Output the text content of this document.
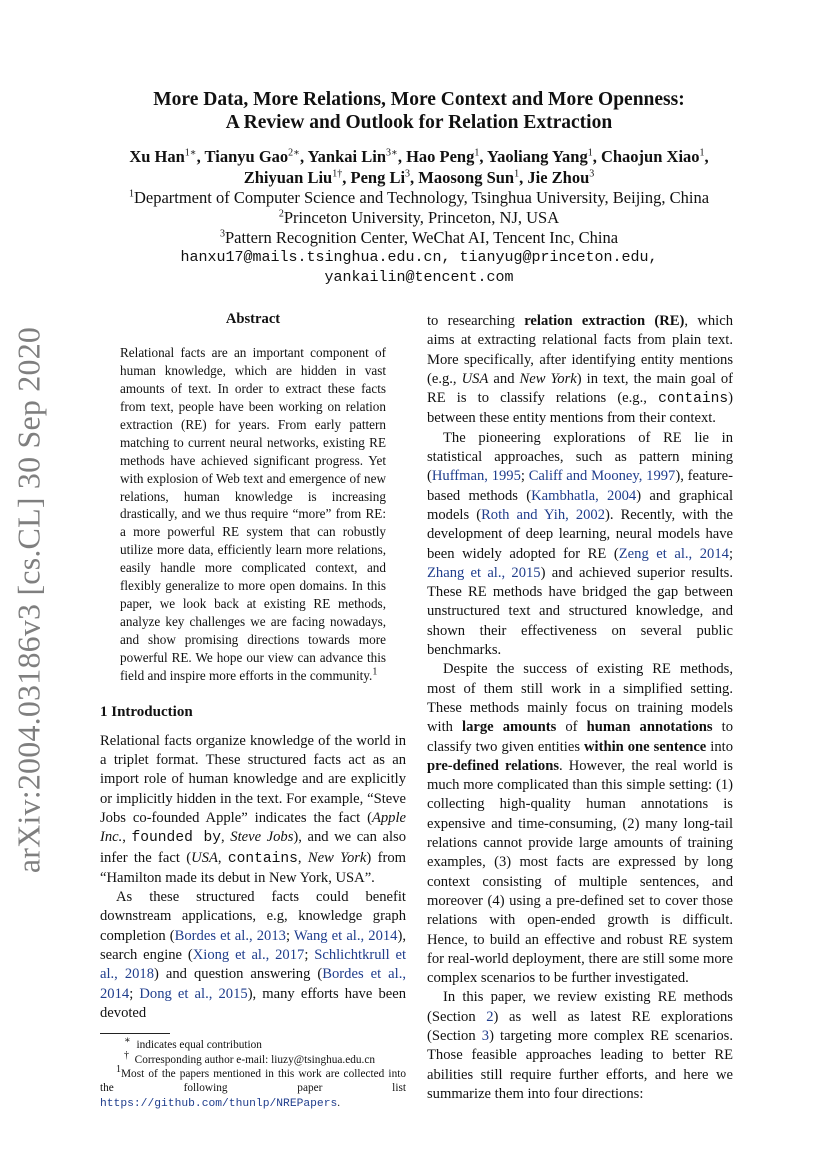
arXiv:2004.03186v3 [cs.CL] 30 Sep 2020
More Data, More Relations, More Context and More Openness:
A Review and Outlook for Relation Extraction
Xu Han$^{1∗}$, Tianyu Gao$^{2∗}$, Yankai Lin$^{3∗}$, Hao Peng$^1$, Yaoliang Yang$^1$, Chaojun Xiao$^1$,
Zhiyuan Liu$^{1\dagger}$, Peng Li$^3$, Maosong Sun$^1$, Jie Zhou$^3$
$^1$Department of Computer Science and Technology, Tsinghua University, Beijing, China
$^2$Princeton University, Princeton, NJ, USA
$^3$Pattern Recognition Center, WeChat AI, Tencent Inc, China
hanxu17@mails.tsinghua.edu.cn, tianyug@princeton.edu,
yankailin@tencent.com
Abstract

Relational facts are an important component of human knowledge, which are hidden in vast amounts of text. In order to extract these facts from text, people have been working on relation extraction (RE) for years. From early pattern matching to current neural networks, existing RE methods have achieved significant progress. Yet with explosion of Web text and emergence of new relations, human knowledge is increasing drastically, and we thus require “more” from RE: a more powerful RE system that can robustly utilize more data, efficiently learn more relations, easily handle more complicated context, and flexibly generalize to more open domains. In this paper, we look back at existing RE methods, analyze key challenges we are facing nowadays, and show promising directions towards more powerful RE. We hope our view can advance this field and inspire more efforts in the community.$^1$

1 Introduction

Relational facts organize knowledge of the world in a triplet format. These structured facts act as an import role of human knowledge and are explicitly or implicitly hidden in the text. For example, “Steve Jobs co-founded Apple” indicates the fact (Apple Inc., founded by, Steve Jobs), and we can also infer the fact (USA, contains, New York) from “Hamilton made its debut in New York, USA”.

As these structured facts could benefit downstream applications, e.g, knowledge graph completion (Bordes et al., 2013; Wang et al., 2014), search engine (Xiong et al., 2017; Schlichtkrull et al., 2018) and question answering (Bordes et al., 2014; Dong et al., 2015), many efforts have been devoted

∗ indicates equal contribution

† Corresponding author e-mail: liuzy@tsinghua.edu.cn

$^1$Most of the papers mentioned in this work are collected into the following paper list https://github.com/thunlp/NREPapers.

to researching relation extraction (RE), which aims at extracting relational facts from plain text. More specifically, after identifying entity mentions (e.g., USA and New York) in text, the main goal of RE is to classify relations (e.g., contains) between these entity mentions from their context.

The pioneering explorations of RE lie in statistical approaches, such as pattern mining (Huffman, 1995; Califf and Mooney, 1997), feature-based methods (Kambhatla, 2004) and graphical models (Roth and Yih, 2002). Recently, with the development of deep learning, neural models have been widely adopted for RE (Zeng et al., 2014; Zhang et al., 2015) and achieved superior results. These RE methods have bridged the gap between unstructured text and structured knowledge, and shown their effectiveness on several public benchmarks.

Despite the success of existing RE methods, most of them still work in a simplified setting. These methods mainly focus on training models with large amounts of human annotations to classify two given entities within one sentence into pre-defined relations. However, the real world is much more complicated than this simple setting: (1) collecting high-quality human annotations is expensive and time-consuming, (2) many long-tail relations cannot provide large amounts of training examples, (3) most facts are expressed by long context consisting of multiple sentences, and moreover (4) using a pre-defined set to cover those relations with open-ended growth is difficult. Hence, to build an effective and robust RE system for real-world deployment, there are still some more complex scenarios to be further investigated.

In this paper, we review existing RE methods (Section 2) as well as latest RE explorations (Section 3) targeting more complex RE scenarios. Those feasible approaches leading to better RE abilities still require further efforts, and here we summarize them into four directions:
